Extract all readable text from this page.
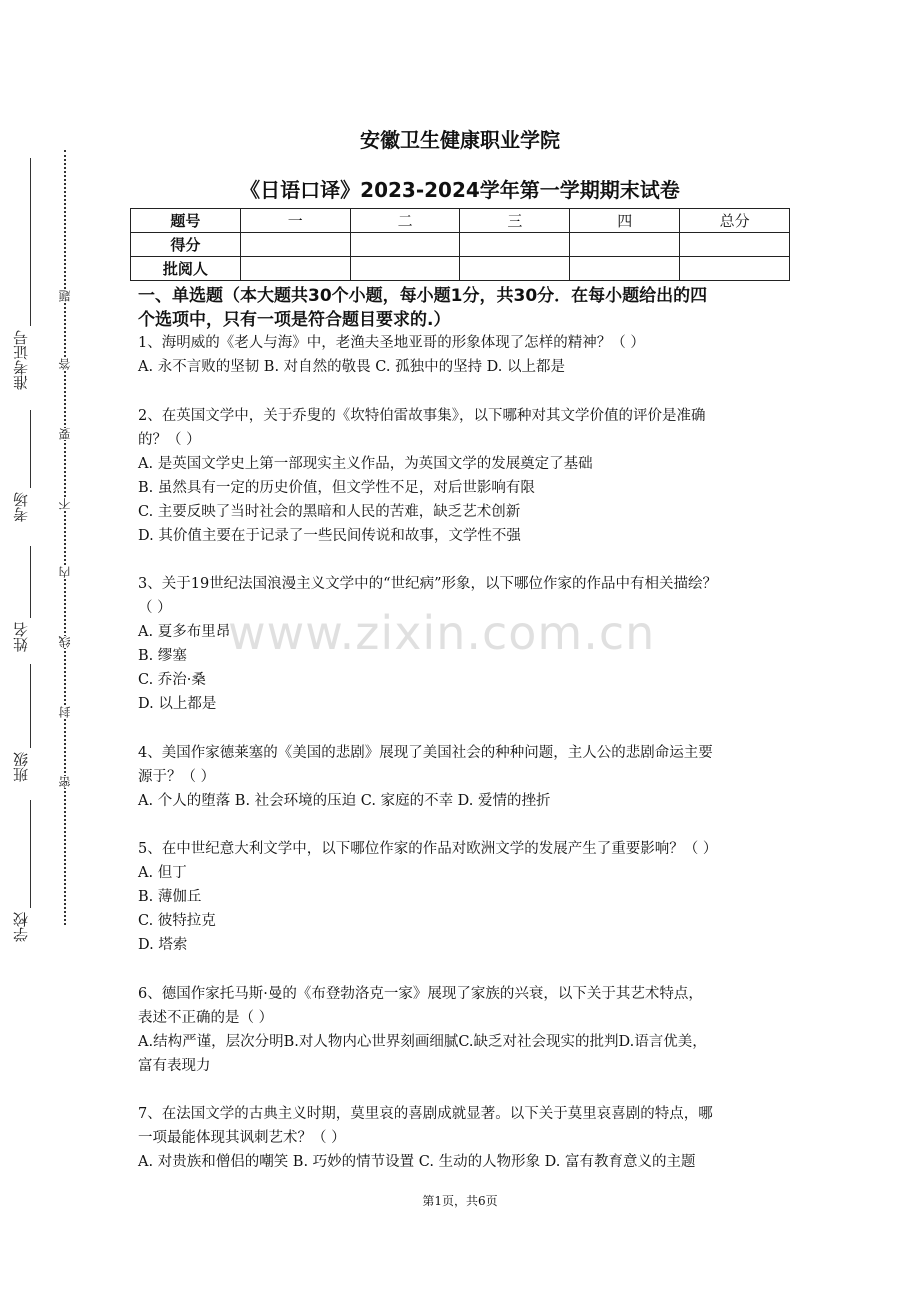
准考证号
考场
姓名
班级
学校
题
答
要
不
内
线
封
密
安徽卫生健康职业学院
《日语口译》2023-2024学年第一学期期末试卷
题号	一	二	三	四	总分
得分					
批阅人					
一、单选题（本大题共30个小题，每小题1分，共30分．在每小题给出的四
个选项中，只有一项是符合题目要求的.）
www.zixin.com.cn

1、海明威的《老人与海》中，老渔夫圣地亚哥的形象体现了怎样的精神？（ ）

A. 永不言败的坚韧 B. 对自然的敬畏 C. 孤独中的坚持 D. 以上都是

2、在英国文学中，关于乔叟的《坎特伯雷故事集》，以下哪种对其文学价值的评价是准确

的？（ ）

A. 是英国文学史上第一部现实主义作品，为英国文学的发展奠定了基础

B. 虽然具有一定的历史价值，但文学性不足，对后世影响有限

C. 主要反映了当时社会的黑暗和人民的苦难，缺乏艺术创新

D. 其价值主要在于记录了一些民间传说和故事，文学性不强

3、关于19世纪法国浪漫主义文学中的“世纪病”形象，以下哪位作家的作品中有相关描绘？

（ ）

A. 夏多布里昂

B. 缪塞

C. 乔治·桑

D. 以上都是

4、美国作家德莱塞的《美国的悲剧》展现了美国社会的种种问题，主人公的悲剧命运主要

源于？（ ）

A. 个人的堕落 B. 社会环境的压迫 C. 家庭的不幸 D. 爱情的挫折

5、在中世纪意大利文学中，以下哪位作家的作品对欧洲文学的发展产生了重要影响？（ ）

A. 但丁

B. 薄伽丘

C. 彼特拉克

D. 塔索

6、德国作家托马斯·曼的《布登勃洛克一家》展现了家族的兴衰，以下关于其艺术特点，

表述不正确的是（ ）

A.结构严谨，层次分明B.对人物内心世界刻画细腻C.缺乏对社会现实的批判D.语言优美，

富有表现力

7、在法国文学的古典主义时期，莫里哀的喜剧成就显著。以下关于莫里哀喜剧的特点，哪

一项最能体现其讽刺艺术？（ ）

A. 对贵族和僧侣的嘲笑 B. 巧妙的情节设置 C. 生动的人物形象 D. 富有教育意义的主题

第1页，共6页
